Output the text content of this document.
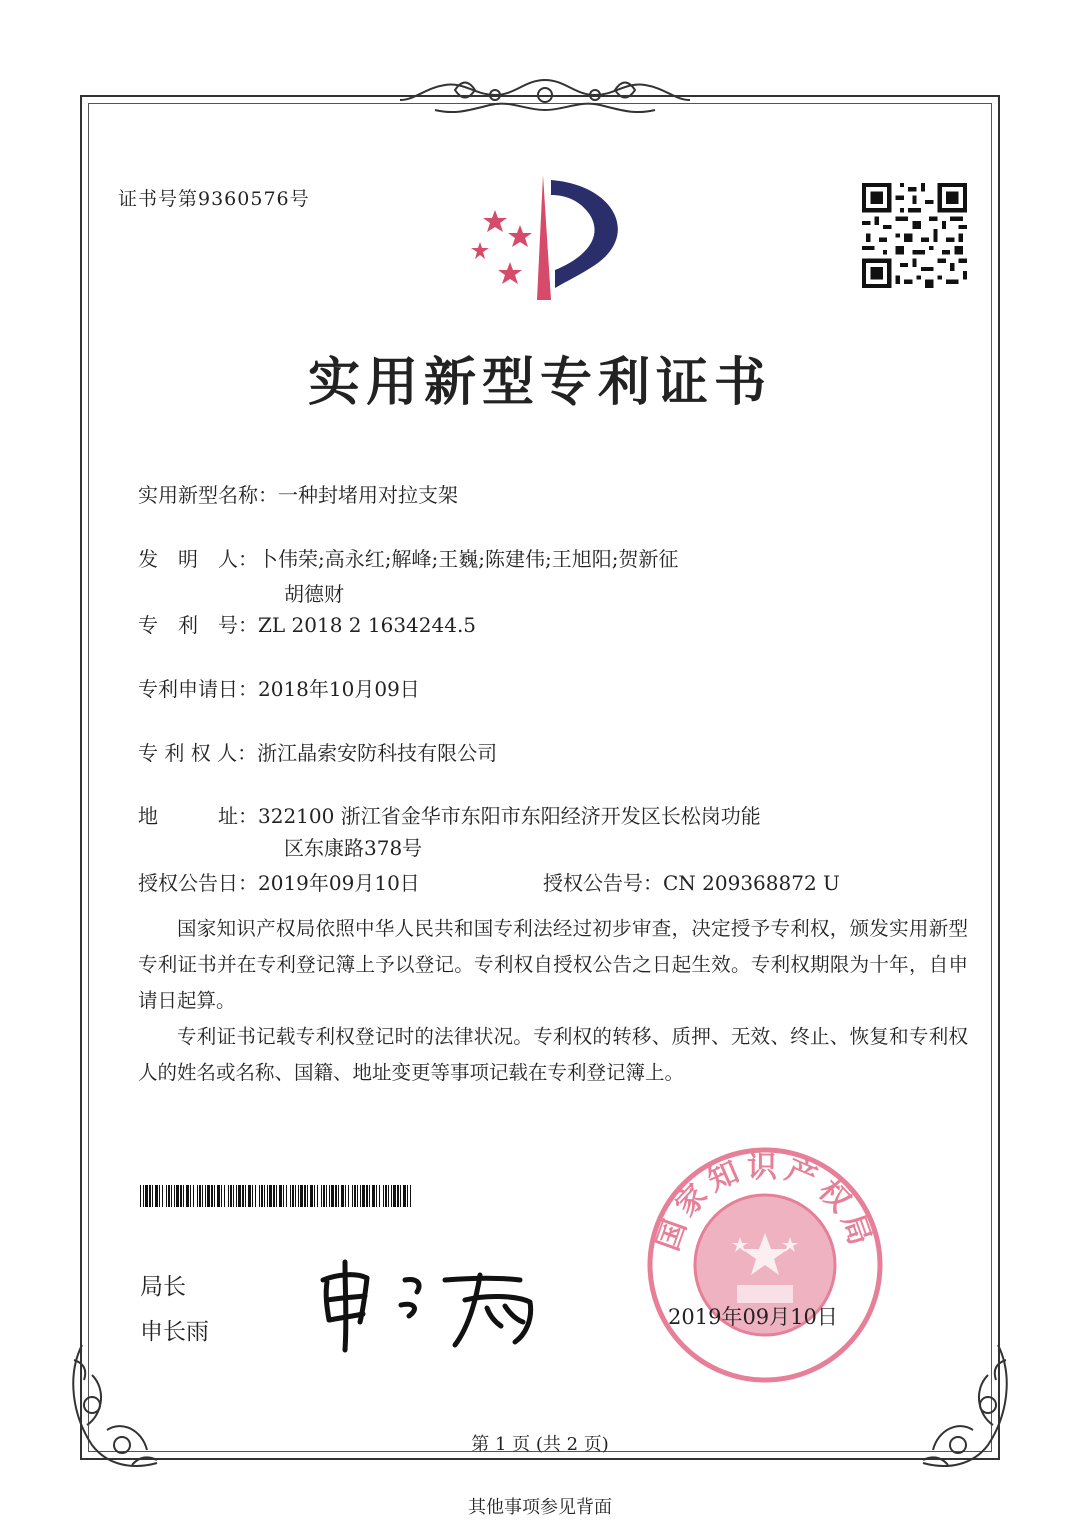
证书号第9360576号
实用新型专利证书
实用新型名称：一种封堵用对拉支架
发　明　人：卜伟荣;高永红;解峰;王巍;陈建伟;王旭阳;贺新征
胡德财
专　利　号：ZL 2018 2 1634244.5
专利申请日：2018年10月09日
专 利 权 人：浙江晶索安防科技有限公司
地　　　址：322100 浙江省金华市东阳市东阳经济开发区长松岗功能
区东康路378号
授权公告日：2019年09月10日	授权公告号：CN 209368872 U

国家知识产权局依照中华人民共和国专利法经过初步审查，决定授予专利权，颁发实用新型专利证书并在专利登记簿上予以登记。专利权自授权公告之日起生效。专利权期限为十年，自申请日起算。

专利证书记载专利权登记时的法律状况。专利权的转移、质押、无效、终止、恢复和专利权人的姓名或名称、国籍、地址变更等事项记载在专利登记簿上。

局长
申长雨
国家知识产权局
2019年09月10日
第 1 页 (共 2 页)
其他事项参见背面
